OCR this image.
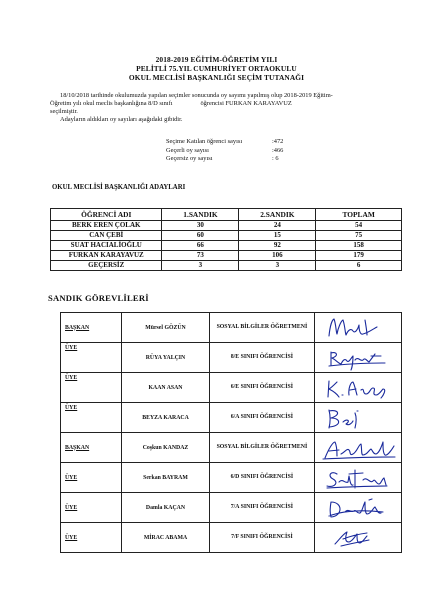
2018-2019 EĞİTİM-ÖĞRETİM YILI
PELİTLİ 75.YIL CUMHURİYET ORTAOKULU
OKUL MECLİSİ BAŞKANLIĞI SEÇİM TUTANAĞI
18/10/2018 tarihinde okulumuzda yapılan seçimler sonucunda oy sayımı yapılmış olup 2018-2019 Eğitim-
Öğretim yılı okul meclis başkanlığına 8/D sınıfı	öğrencisi FURKAN KARAYAVUZ
seçilmiştir.
Adayların aldıkları oy sayıları aşağıdaki gibidir.
Seçime Katılan öğrenci sayısı	:472
Geçerli oy sayısı	:466
Geçersiz oy sayısı	: 6
OKUL MECLİSİ BAŞKANLIĞI ADAYLARI
ÖĞRENCİ ADI	1.SANDIK	2.SANDIK	TOPLAM
BERK EREN ÇOLAK	30	24	54
CAN ÇEBİ	60	15	75
SUAT HACIALİOĞLU	66	92	158
FURKAN KARAYAVUZ	73	106	179
GEÇERSİZ	3	3	6
SANDIK GÖREVLİLERİ
BAŞKAN	Mürsel GÖZÜN	SOSYAL BİLGİLER ÖĞRETMENİ	

ÜYE	RÜYA YALÇIN	8/E SINIFI ÖĞRENCİSİ	

ÜYE	KAAN ASAN	6/E SINIFI ÖĞRENCİSİ	

ÜYE	BEYZA KARACA	6/A SINIFI ÖĞRENCİSİ	

BAŞKAN	Coşkun KANDAZ	SOSYAL BİLGİLER ÖĞRETMENİ	

ÜYE	Serkan BAYRAM	6/D SINIFI ÖĞRENCİSİ	

ÜYE	Damla KAÇAN	7/A SINIFI ÖĞRENCİSİ	

ÜYE	MİRAC ABAMA	7/F SINIFI ÖĞRENCİSİ	
